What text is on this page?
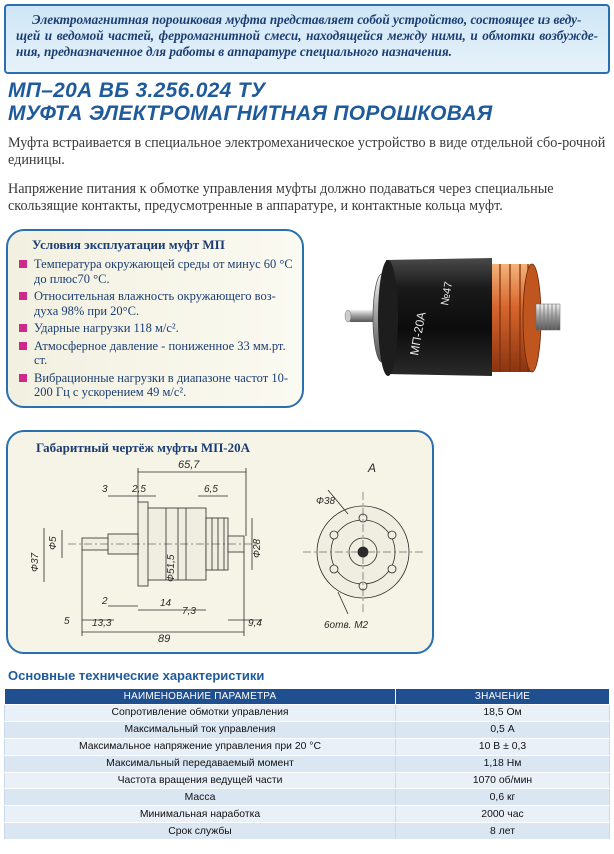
Электромагнитная порошковая муфта представляет собой устройство, состоящее из веду-
щей и ведомой частей, ферромагнитной смеси, находящейся между ними, и обмотки возбужде-ния, предназначенное для работы в аппаратуре специального назначения.
МП–20А ВБ 3.256.024 ТУ
МУФТА ЭЛЕКТРОМАГНИТНАЯ ПОРОШКОВАЯ
Муфта встраивается в специальное электромеханическое устройство в виде отдельной сбо-рочной единицы.
Напряжение питания к обмотке управления муфты должно подаваться через специальные скользящие контакты, предусмотренные в аппаратуре, и контактные кольца муфт.
Условия эксплуатации муфт МП
Температура окружающей среды от минус 60 °С до плюс70 °С.
Относительная влажность окружающего воз-духа 98% при 20°С.
Ударные нагрузки 118 м/с².
Атмосферное давление - пониженное 33 мм.рт. ст.
Вибрационные нагрузки в диапазоне частот 10-200 Гц с ускорением 49 м/с².
МП-20А
№47
Габаритный чертёж муфты МП-20А
65,7
3 2,5	6,5
Ф37
Ф5
Ф51,5
Ф28
2	14
7,3
5 13,3	9,4
89
А
Ф38
6отв. М2
Основные технические характеристики
НАИМЕНОВАНИЕ ПАРАМЕТРА	ЗНАЧЕНИЕ
Сопротивление обмотки управления	18,5 Ом
Максимальный ток управления	0,5 А
Максимальное напряжение управления при 20 °С	10 В ± 0,3
Максимальный передаваемый момент	1,18 Нм
Частота вращения ведущей части	1070 об/мин
Масса	0,6 кг
Минимальная наработка	2000 час
Срок службы	8 лет
